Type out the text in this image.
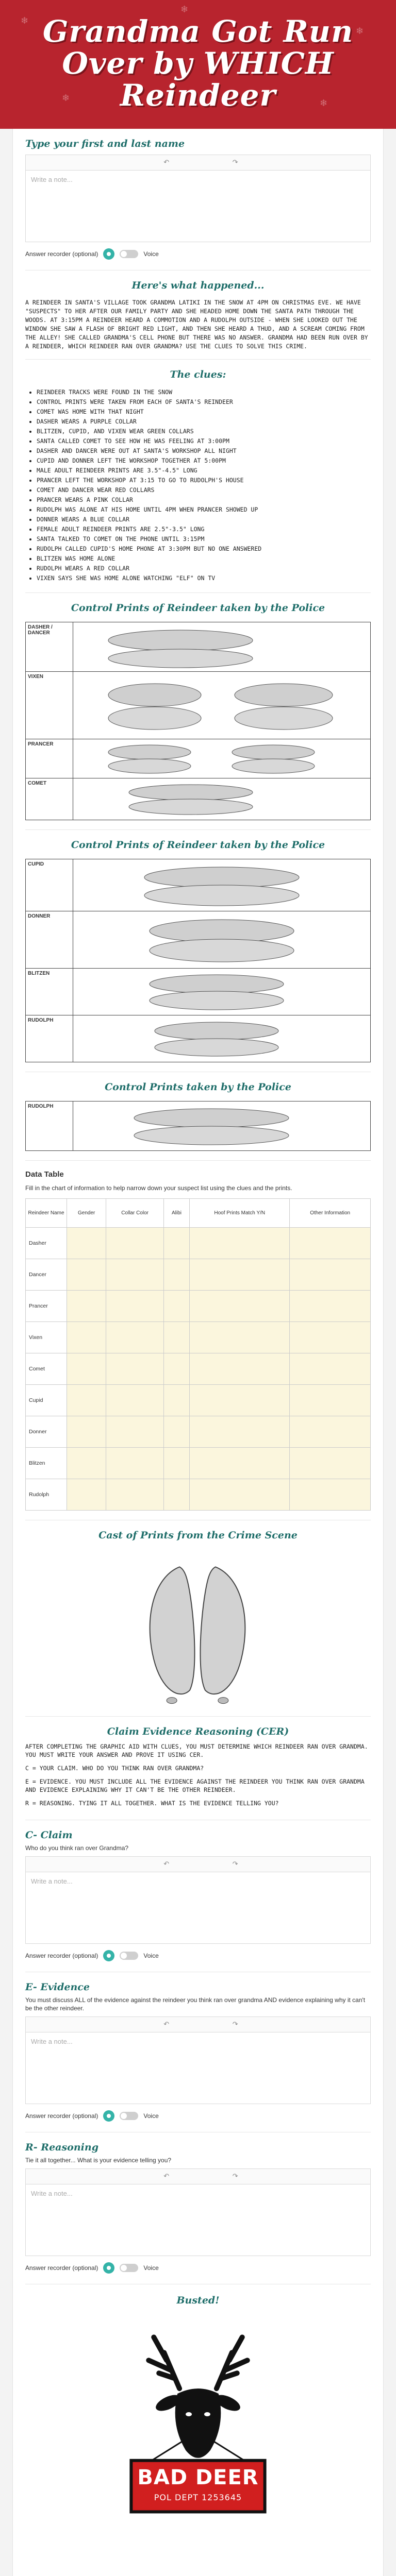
❄
❄
❄	❄
❄
Grandma Got Run Over by WHICH Reindeer
Type your first and last name
↶	↷
Write a note...
Answer recorder (optional)	Voice
Here's what happened...
A REINDEER IN SANTA'S VILLAGE TOOK GRANDMA LATIKI IN THE SNOW AT 4PM ON CHRISTMAS EVE. WE HAVE "SUSPECTS" TO HER AFTER OUR FAMILY PARTY AND SHE HEADED HOME DOWN THE SANTA PATH THROUGH THE WOODS. AT 3:15PM A REINDEER HEARD A COMMOTION AND A RUDOLPH OUTSIDE - WHEN SHE LOOKED OUT THE WINDOW SHE SAW A FLASH OF BRIGHT RED LIGHT, AND THEN SHE HEARD A THUD, AND A SCREAM COMING FROM THE ALLEY! SHE CALLED GRANDMA'S CELL PHONE BUT THERE WAS NO ANSWER. GRANDMA HAD BEEN RUN OVER BY A REINDEER, WHICH REINDEER RAN OVER GRANDMA? USE THE CLUES TO SOLVE THIS CRIME.
The clues:
• REINDEER TRACKS WERE FOUND IN THE SNOW
• CONTROL PRINTS WERE TAKEN FROM EACH OF SANTA'S REINDEER
• COMET WAS HOME WITH THAT NIGHT
• DASHER WEARS A PURPLE COLLAR
• BLITZEN, CUPID, AND VIXEN WEAR GREEN COLLARS
• SANTA CALLED COMET TO SEE HOW HE WAS FEELING AT 3:00PM
• DASHER AND DANCER WERE OUT AT SANTA'S WORKSHOP ALL NIGHT
• CUPID AND DONNER LEFT THE WORKSHOP TOGETHER AT 5:00PM
• MALE ADULT REINDEER PRINTS ARE 3.5"-4.5" LONG
• PRANCER LEFT THE WORKSHOP AT 3:15 TO GO TO RUDOLPH'S HOUSE
• COMET AND DANCER WEAR RED COLLARS
• PRANCER WEARS A PINK COLLAR
• RUDOLPH WAS ALONE AT HIS HOME UNTIL 4PM WHEN PRANCER SHOWED UP
• DONNER WEARS A BLUE COLLAR
• FEMALE ADULT REINDEER PRINTS ARE 2.5"-3.5" LONG
• SANTA TALKED TO COMET ON THE PHONE UNTIL 3:15PM
• RUDOLPH CALLED CUPID'S HOME PHONE AT 3:30PM BUT NO ONE ANSWERED
• BLITZEN WAS HOME ALONE
• RUDOLPH WEARS A RED COLLAR
• VIXEN SAYS SHE WAS HOME ALONE WATCHING "ELF" ON TV
Control Prints of Reindeer taken by the Police
DASHER / DANCER	

VIXEN	

PRANCER	

COMET	
Control Prints of Reindeer taken by the Police
CUPID	

DONNER	

BLITZEN	

RUDOLPH	
Control Prints taken by the Police
RUDOLPH	
Data Table
Fill in the chart of information to help narrow down your suspect list using the clues and the prints.
Reindeer Name	Gender	Collar Color	Alibi	Hoof Prints Match Y/N	Other Information
Dasher					
Dancer					
Prancer					
Vixen					
Comet					
Cupid					
Donner					
Blitzen					
Rudolph					
Cast of Prints from the Crime Scene
Claim Evidence Reasoning (CER)

AFTER COMPLETING THE GRAPHIC AID WITH CLUES, YOU MUST DETERMINE WHICH REINDEER RAN OVER GRANDMA. YOU MUST WRITE YOUR ANSWER AND PROVE IT USING CER.

C = YOUR CLAIM. WHO DO YOU THINK RAN OVER GRANDMA?

E = EVIDENCE. YOU MUST INCLUDE ALL THE EVIDENCE AGAINST THE REINDEER YOU THINK RAN OVER GRANDMA AND EVIDENCE EXPLAINING WHY IT CAN'T BE THE OTHER REINDEER.

R = REASONING. TYING IT ALL TOGETHER. WHAT IS THE EVIDENCE TELLING YOU?

C- Claim
Who do you think ran over Grandma?
↶	↷
Write a note...
Answer recorder (optional)	Voice
E- Evidence
You must discuss ALL of the evidence against the reindeer you think ran over grandma AND evidence explaining why it can't be the other reindeer.
↶	↷
Write a note...
Answer recorder (optional)	Voice
R- Reasoning
Tie it all together... What is your evidence telling you?
↶	↷
Write a note...
Answer recorder (optional)	Voice
Busted!
BAD DEER
POL DEPT 1253645
